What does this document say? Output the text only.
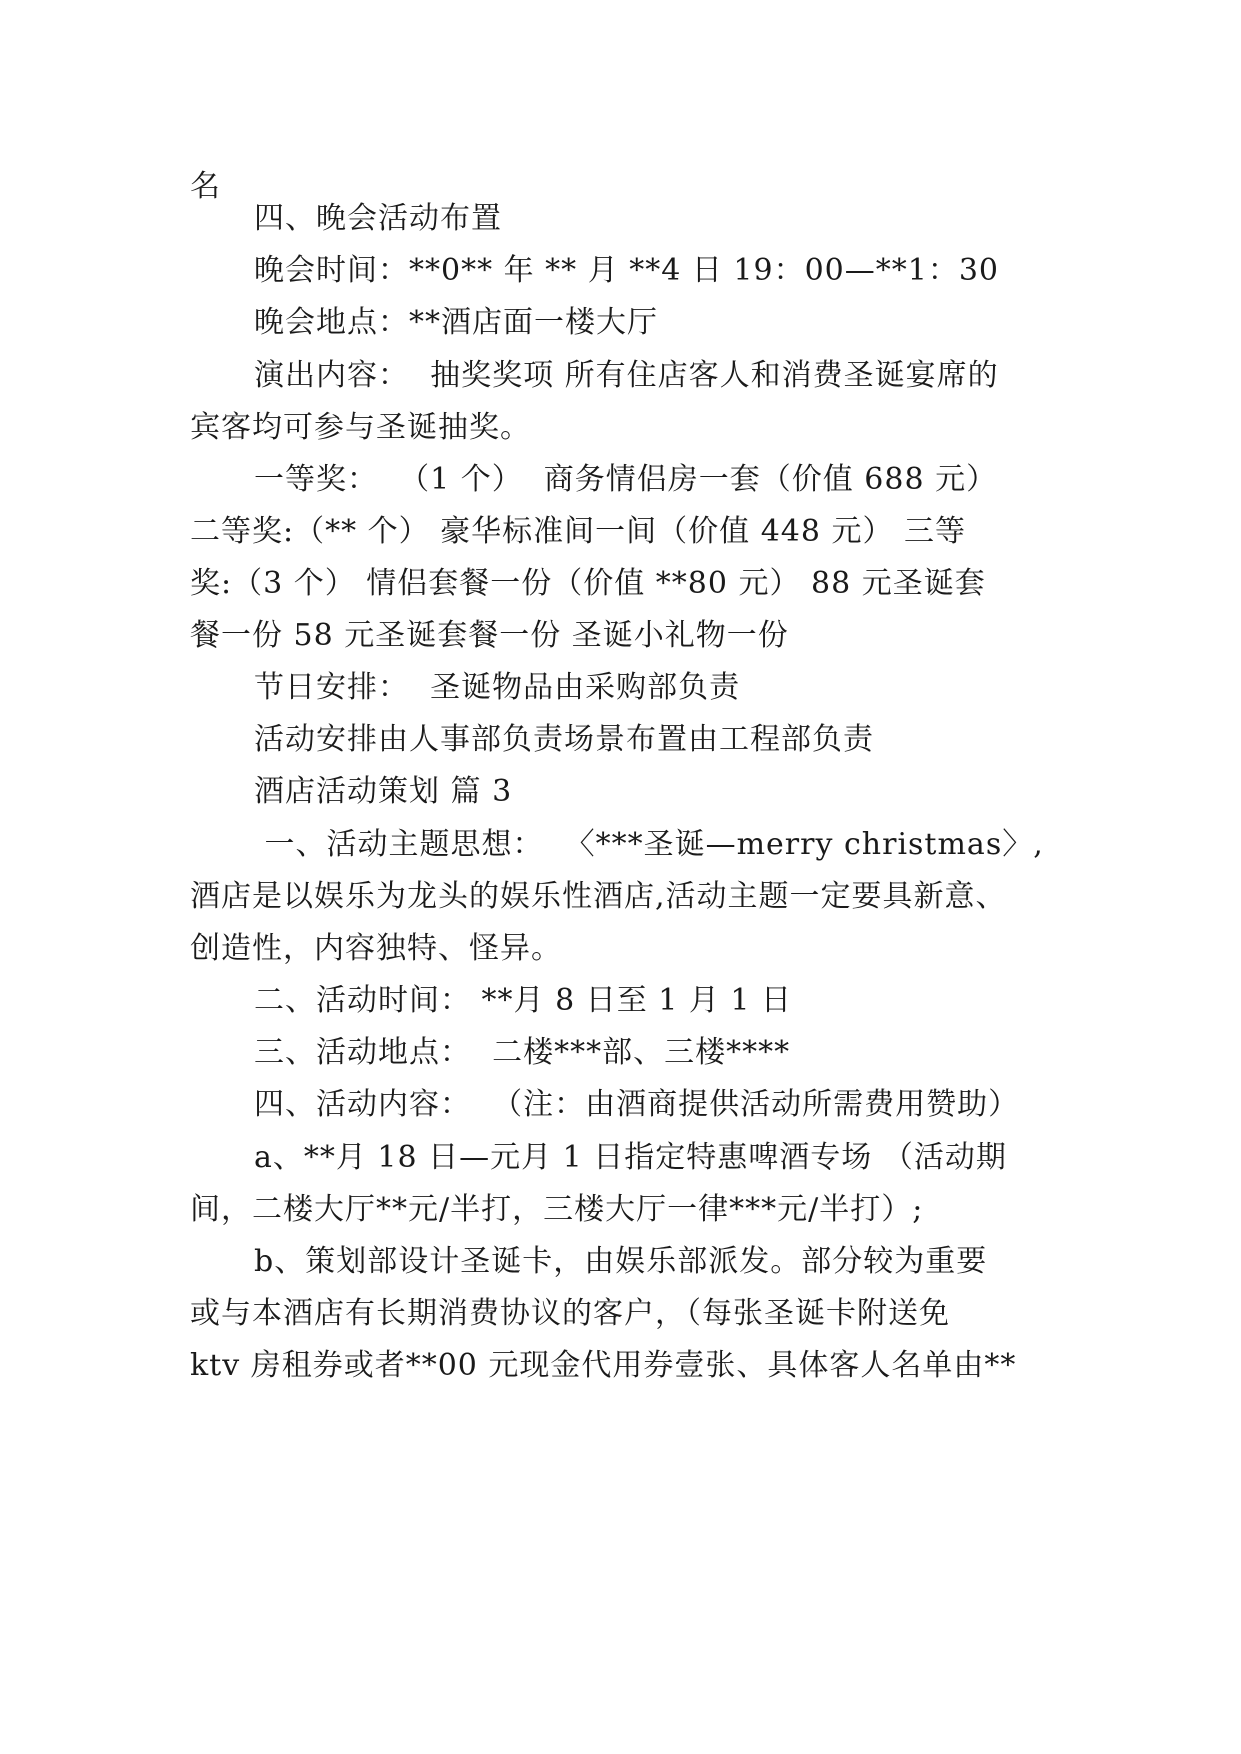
名
四、晚会活动布置
晚会时间：**0** 年 ** 月 **4 日 19：00—**1：30
晚会地点：**酒店面一楼大厅
演出内容：  抽奖奖项 所有住店客人和消费圣诞宴席的
宾客均可参与圣诞抽奖。
一等奖：  （1 个）  商务情侣房一套（价值 688 元）
二等奖:（** 个） 豪华标准间一间（价值 448 元） 三等
奖:（3 个） 情侣套餐一份（价值 **80 元） 88 元圣诞套
餐一份 58 元圣诞套餐一份 圣诞小礼物一份
节日安排：  圣诞物品由采购部负责
活动安排由人事部负责场景布置由工程部负责
酒店活动策划 篇 3
一、活动主题思想：  〈***圣诞—merry christmas〉,
酒店是以娱乐为龙头的娱乐性酒店,活动主题一定要具新意、
创造性，内容独特、怪异。
二、活动时间： **月 8 日至 1 月 1 日
三、活动地点：  二楼***部、三楼****
四、活动内容：  （注：由酒商提供活动所需费用赞助）
a、**月 18 日—元月 1 日指定特惠啤酒专场 （活动期
间，二楼大厅**元/半打，三楼大厅一律***元/半打）;
b、策划部设计圣诞卡，由娱乐部派发。部分较为重要
或与本酒店有长期消费协议的客户，（每张圣诞卡附送免
ktv 房租券或者**00 元现金代用券壹张、具体客人名单由**
